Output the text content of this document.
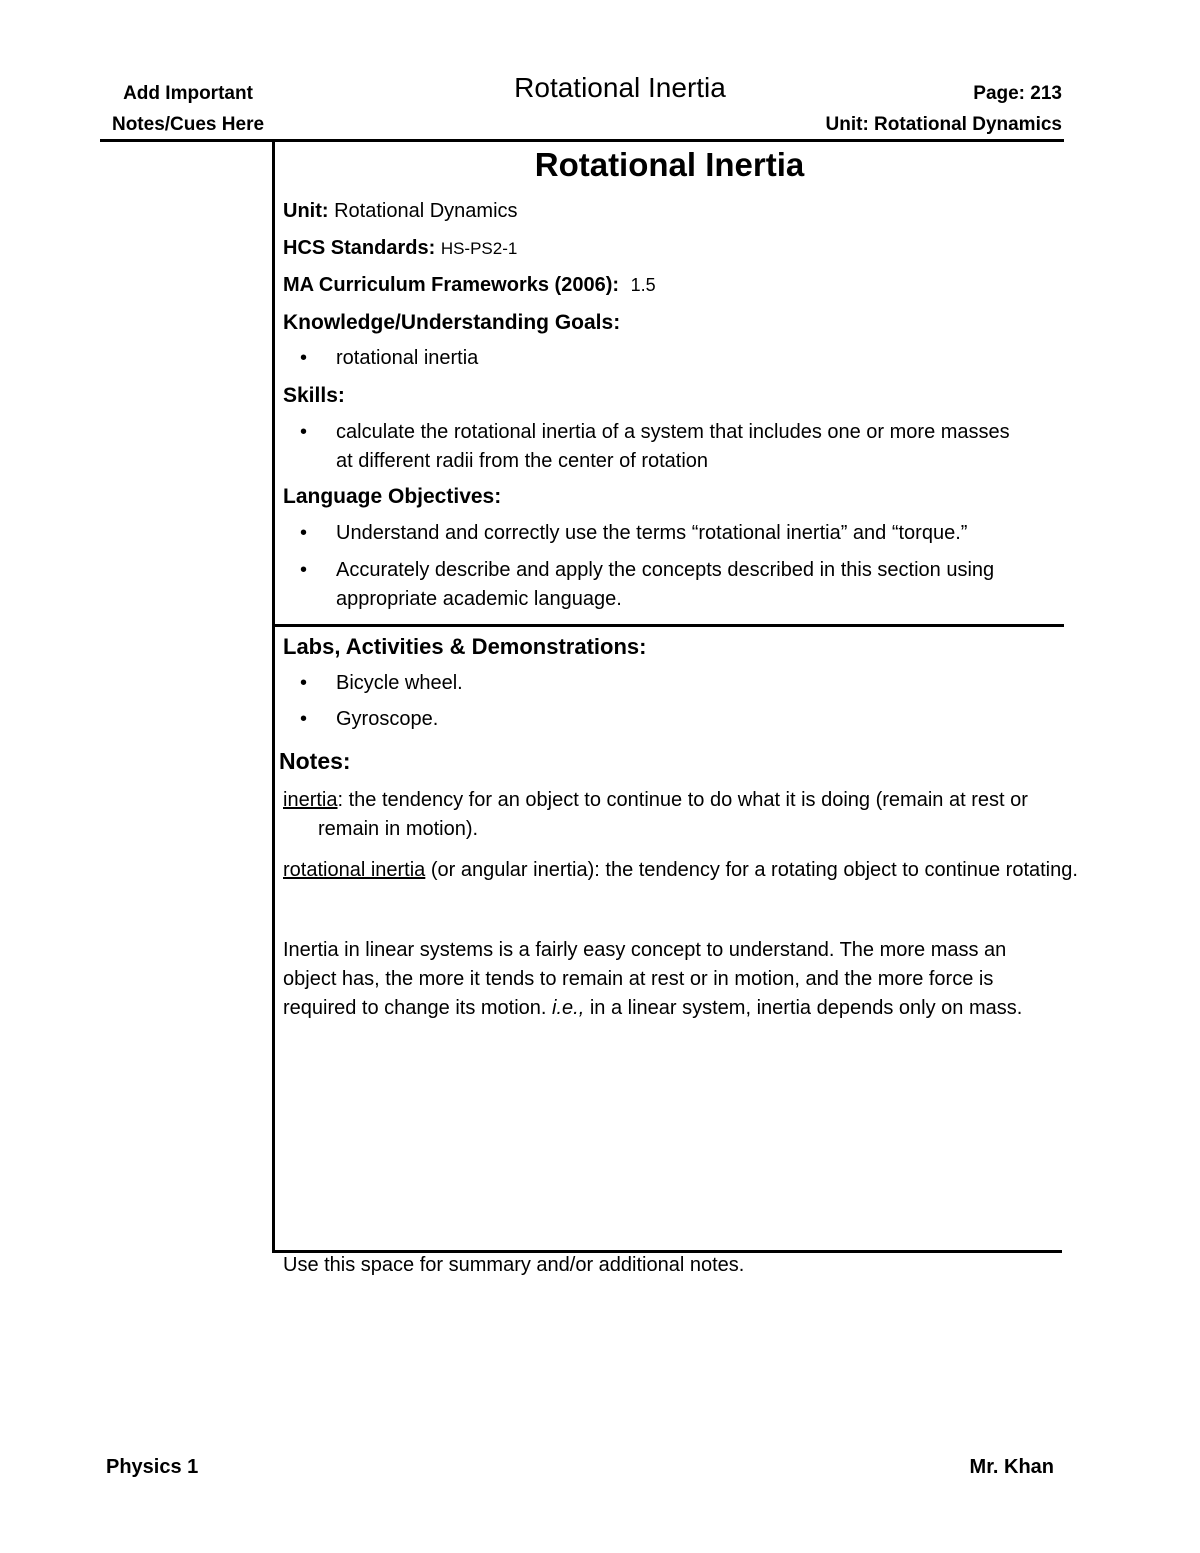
Add Important
Notes/Cues Here
Rotational Inertia	Page: 213
Unit: Rotational Dynamics
Rotational Inertia
Unit: Rotational Dynamics
HCS Standards: HS-PS2-1
MA Curriculum Frameworks (2006): 1.5
Knowledge/Understanding Goals:
• rotational inertia
Skills:
• calculate the rotational inertia of a system that includes one or more masses at different radii from the center of rotation
Language Objectives:
• Understand and correctly use the terms “rotational inertia” and “torque.”
• Accurately describe and apply the concepts described in this section using appropriate academic language.
Labs, Activities & Demonstrations:
• Bicycle wheel.
• Gyroscope.
Notes:
inertia: the tendency for an object to continue to do what it is doing (remain at rest or remain in motion).
rotational inertia (or angular inertia): the tendency for a rotating object to continue rotating.
Inertia in linear systems is a fairly easy concept to understand. The more mass an object has, the more it tends to remain at rest or in motion, and the more force is required to change its motion. i.e., in a linear system, inertia depends only on mass.
Use this space for summary and/or additional notes.
Physics 1	Mr. Khan
